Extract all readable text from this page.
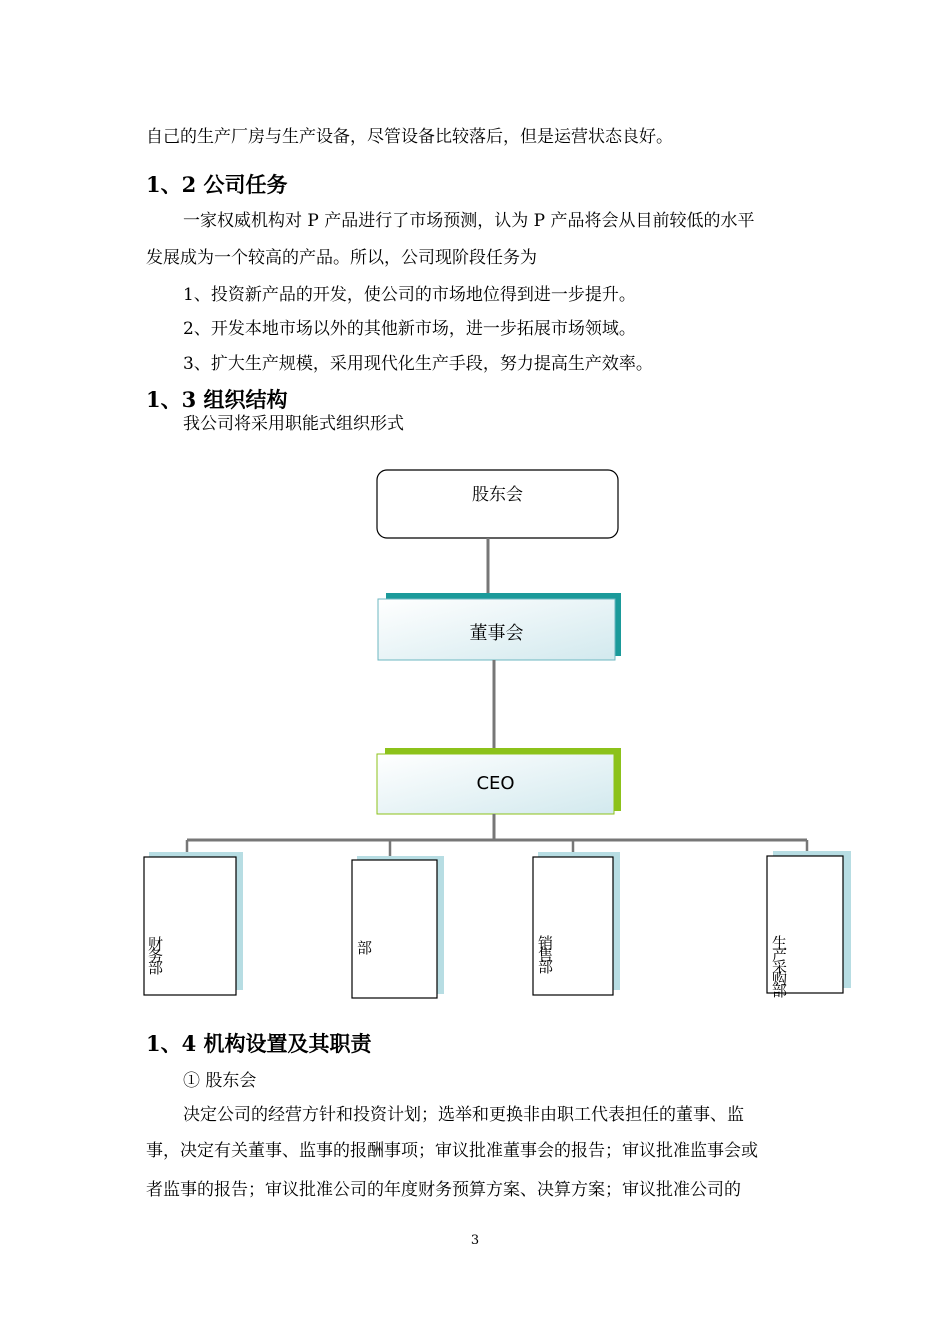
自己的生产厂房与生产设备，尽管设备比较落后，但是运营状态良好。
1、2 公司任务
一家权威机构对 P 产品进行了市场预测，认为 P 产品将会从目前较低的水平
发展成为一个较高的产品。所以，公司现阶段任务为
1、投资新产品的开发，使公司的市场地位得到进一步提升。
2、开发本地市场以外的其他新市场，进一步拓展市场领域。
3、扩大生产规模，采用现代化生产手段，努力提高生产效率。
1、3 组织结构
我公司将采用职能式组织形式
股东会
董事会
CEO
财务部	部	销售部	生产采购部
1、4 机构设置及其职责
① 股东会
决定公司的经营方针和投资计划；选举和更换非由职工代表担任的董事、监
事，决定有关董事、监事的报酬事项；审议批准董事会的报告；审议批准监事会或
者监事的报告；审议批准公司的年度财务预算方案、决算方案；审议批准公司的
3
